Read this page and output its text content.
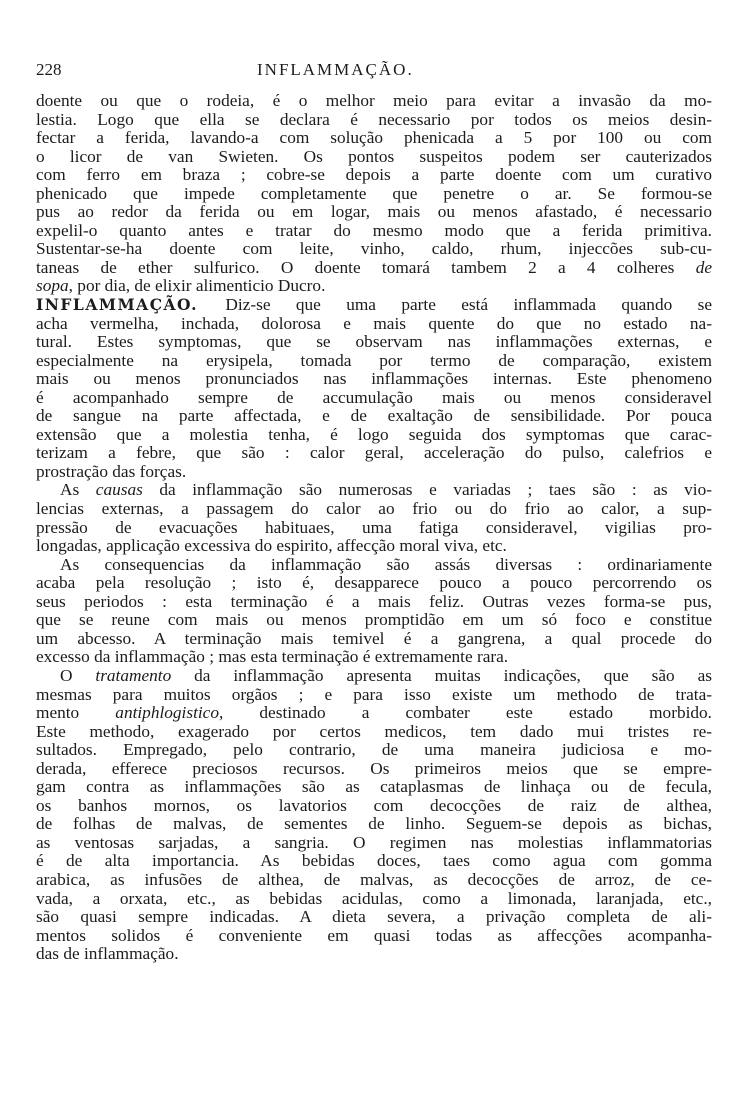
228	INFLAMMAÇÃO.
doente ou que o rodeia, é o melhor meio para evitar a invasão da mo-
lestia. Logo que ella se declara é necessario por todos os meios desin-
fectar a ferida, lavando-a com solução phenicada a 5 por 100 ou com
o licor de van Swieten. Os pontos suspeitos podem ser cauterizados
com ferro em braza ; cobre-se depois a parte doente com um curativo
phenicado que impede completamente que penetre o ar. Se formou-se
pus ao redor da ferida ou em logar, mais ou menos afastado, é necessario
expelil-o quanto antes e tratar do mesmo modo que a ferida primitiva.
Sustentar-se-ha doente com leite, vinho, caldo, rhum, injeccões sub-cu-
taneas de ether sulfurico. O doente tomará tambem 2 a 4 colheres de
sopa, por dia, de elixir alimenticio Ducro.
INFLAMMAÇÃO. Diz-se que uma parte está inflammada quando se
acha vermelha, inchada, dolorosa e mais quente do que no estado na-
tural. Estes symptomas, que se observam nas inflammações externas, e
especialmente na erysipela, tomada por termo de comparação, existem
mais ou menos pronunciados nas inflammações internas. Este phenomeno
é acompanhado sempre de accumulação mais ou menos consideravel
de sangue na parte affectada, e de exaltação de sensibilidade. Por pouca
extensão que a molestia tenha, é logo seguida dos symptomas que carac-
terizam a febre, que são : calor geral, acceleração do pulso, calefrios e
prostração das forças.
As causas da inflammação são numerosas e variadas ; taes são : as vio-
lencias externas, a passagem do calor ao frio ou do frio ao calor, a sup-
pressão de evacuações habituaes, uma fatiga consideravel, vigilias pro-
longadas, applicação excessiva do espirito, affecção moral viva, etc.
As consequencias da inflammação são assás diversas : ordinariamente
acaba pela resolução ; isto é, desapparece pouco a pouco percorrendo os
seus periodos : esta terminação é a mais feliz. Outras vezes forma-se pus,
que se reune com mais ou menos promptidão em um só foco e constitue
um abcesso. A terminação mais temivel é a gangrena, a qual procede do
excesso da inflammação ; mas esta terminação é extremamente rara.
O tratamento da inflammação apresenta muitas indicações, que são as
mesmas para muitos orgãos ; e para isso existe um methodo de trata-
mento antiphlogistico, destinado a combater este estado morbido.
Este methodo, exagerado por certos medicos, tem dado mui tristes re-
sultados. Empregado, pelo contrario, de uma maneira judiciosa e mo-
derada, efferece preciosos recursos. Os primeiros meios que se empre-
gam contra as inflammações são as cataplasmas de linhaça ou de fecula,
os banhos mornos, os lavatorios com decocções de raiz de althea,
de folhas de malvas, de sementes de linho. Seguem-se depois as bichas,
as ventosas sarjadas, a sangria. O regimen nas molestias inflammatorias
é de alta importancia. As bebidas doces, taes como agua com gomma
arabica, as infusões de althea, de malvas, as decocções de arroz, de ce-
vada, a orxata, etc., as bebidas acidulas, como a limonada, laranjada, etc.,
são quasi sempre indicadas. A dieta severa, a privação completa de ali-
mentos solidos é conveniente em quasi todas as affecções acompanha-
das de inflammação.
